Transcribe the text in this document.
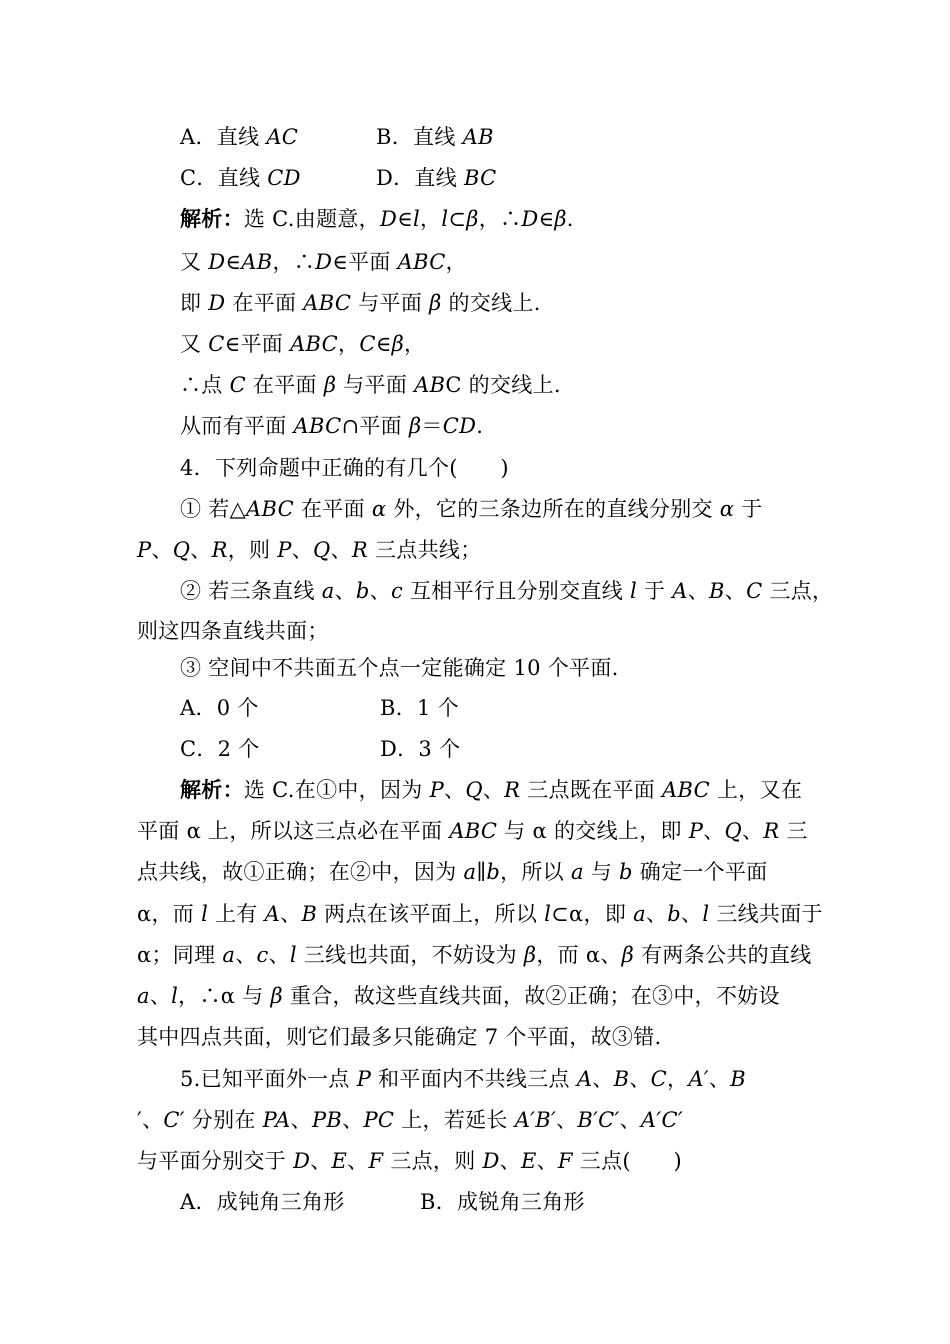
A．直线 AC	B．直线 AB
C．直线 CD	D．直线 BC
解析：选 C.由题意，D∈l，l⊂β，∴D∈β.
又 D∈AB，∴D∈平面 ABC，
即 D 在平面 ABC 与平面 β 的交线上.
又 C∈平面 ABC，C∈β，
∴点 C 在平面 β 与平面 ABC 的交线上.
从而有平面 ABC∩平面 β＝CD.
4．下列命题中正确的有几个(　　)
① 若△ABC 在平面 α 外，它的三条边所在的直线分别交 α 于
P、Q、R，则 P、Q、R 三点共线；
② 若三条直线 a、b、c 互相平行且分别交直线 l 于 A、B、C 三点，
则这四条直线共面；
③ 空间中不共面五个点一定能确定 10 个平面.
A．0 个	B．1 个
C．2 个	D．3 个
解析：选 C.在①中，因为 P、Q、R 三点既在平面 ABC 上，又在
平面 α 上，所以这三点必在平面 ABC 与 α 的交线上，即 P、Q、R 三
点共线，故①正确；在②中，因为 a∥b，所以 a 与 b 确定一个平面
α，而 l 上有 A、B 两点在该平面上，所以 l⊂α，即 a、b、l 三线共面于
α；同理 a、c、l 三线也共面，不妨设为 β，而 α、β 有两条公共的直线
a、l，∴α 与 β 重合，故这些直线共面，故②正确；在③中，不妨设
其中四点共面，则它们最多只能确定 7 个平面，故③错.
5.已知平面外一点 P 和平面内不共线三点 A、B、C，A′、B
′、C′ 分别在 PA、PB、PC 上，若延长 A′B′、B′C′、A′C′
与平面分别交于 D、E、F 三点，则 D、E、F 三点(　　)
A．成钝角三角形	B．成锐角三角形
